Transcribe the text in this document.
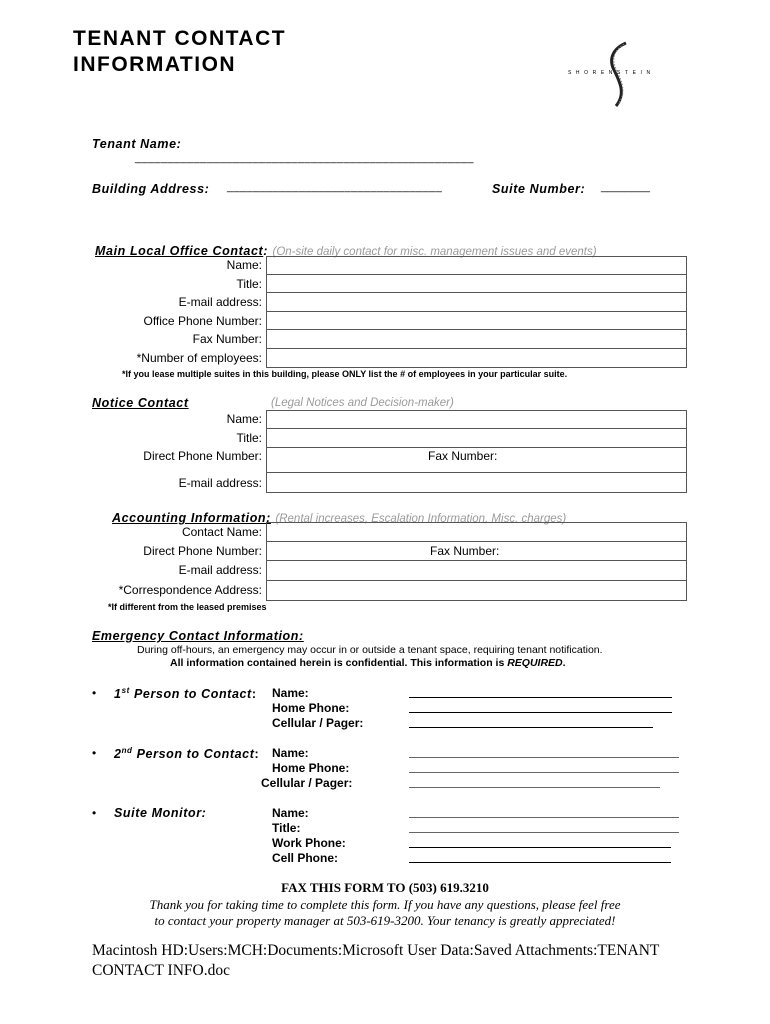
TENANT CONTACT
INFORMATION	SHORENSTEIN
Tenant Name:
____________________________________________________
Building Address: _________________________________	Suite Number: ________
Main Local Office Contact: (On-site daily contact for misc. management issues and events)
Name:
Title:
E-mail address:
Office Phone Number:
Fax Number:
*Number of employees:
*If you lease multiple suites in this building, please ONLY list the # of employees in your particular suite.
Notice Contact	(Legal Notices and Decision-maker)
Name:
Title:
Direct Phone Number:	Fax Number:
E-mail address:
Accounting Information: (Rental increases, Escalation Information, Misc. charges)
Contact Name:
Direct Phone Number:	Fax Number:
E-mail address:
*Correspondence Address:
*If different from the leased premises
Emergency Contact Information:
During off-hours, an emergency may occur in or outside a tenant space, requiring tenant notification.
All information contained herein is confidential. This information is REQUIRED.
• 1st Person to Contact: Name:
Home Phone:
Cellular / Pager:
• 2nd Person to Contact: Name:
Home Phone:
Cellular / Pager:
• Suite Monitor:	Name:
Title:
Work Phone:
Cell Phone:
FAX THIS FORM TO (503) 619.3210
Thank you for taking time to complete this form. If you have any questions, please feel free
to contact your property manager at 503-619-3200. Your tenancy is greatly appreciated!
Macintosh HD:Users:MCH:Documents:Microsoft User Data:Saved Attachments:TENANT
CONTACT INFO.doc
